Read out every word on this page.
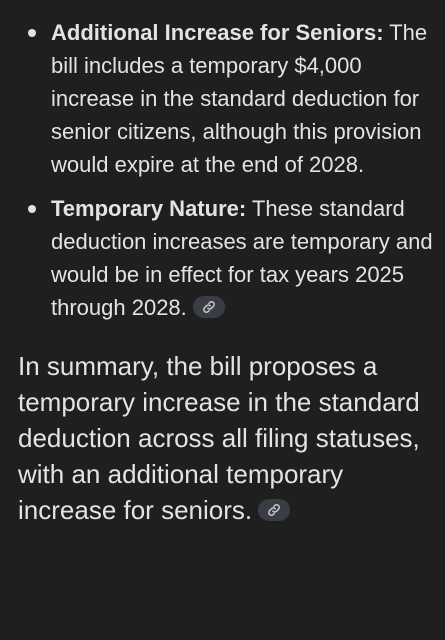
Additional Increase for Seniors: The bill includes a temporary $4,000 increase in the standard deduction for senior citizens, although this provision would expire at the end of 2028.
Temporary Nature: These standard deduction increases are temporary and would be in effect for tax years 2025 through 2028.

In summary, the bill proposes a temporary increase in the standard deduction across all filing statuses, with an additional temporary increase for seniors.
